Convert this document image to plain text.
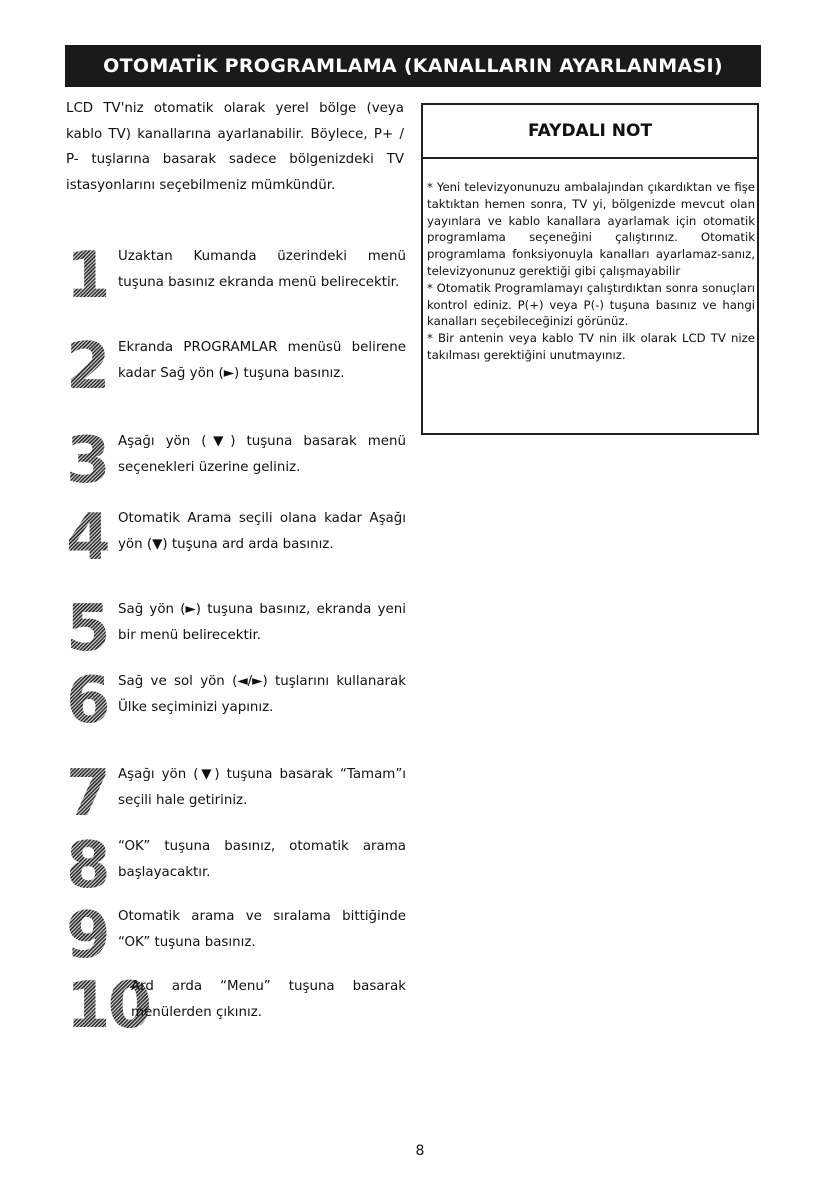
OTOMATİK PROGRAMLAMA (KANALLARIN AYARLANMASI)
LCD TV'niz otomatik olarak yerel bölge (veya kablo TV) kanallarına ayarlanabilir. Böylece, P+ / P- tuşlarına basarak sadece bölgenizdeki TV istasyonlarını seçebilmeniz mümkündür.
1 Uzaktan Kumanda üzerindeki menü tuşuna basınız ekranda menü belirecektir.
2 Ekranda PROGRAMLAR menüsü belirene kadar Sağ yön (►) tuşuna basınız.
3 Aşağı yön (▼) tuşuna basarak menü seçenekleri üzerine geliniz.
4 Otomatik Arama seçili olana kadar Aşağı yön (▼) tuşuna ard arda basınız.
5 Sağ yön (►) tuşuna basınız, ekranda yeni bir menü belirecektir.
6 Sağ ve sol yön (◄/►) tuşlarını kullanarak Ülke seçiminizi yapınız.
7 Aşağı yön (▼) tuşuna basarak “Tamam”ı seçili hale getiriniz.
8 “OK” tuşuna basınız, otomatik arama başlayacaktır.
9 Otomatik arama ve sıralama bittiğinde “OK” tuşuna basınız.
10
Ard arda “Menu” tuşuna basarak menülerden çıkınız.
FAYDALI NOT

* Yeni televizyonunuzu ambalajından çıkardıktan ve fişe taktıktan hemen sonra, TV yi, bölgenizde mevcut olan yayınlara ve kablo kanallara ayarlamak için otomatik programlama seçeneğini çalıştırınız. Otomatik programlama fonksiyonuyla kanalları ayarlamaz-sanız, televizyonunuz gerektiği gibi çalışmayabilir

* Otomatik Programlamayı çalıştırdıktan sonra sonuçları kontrol ediniz. P(+) veya P(-) tuşuna basınız ve hangi kanalları seçebileceğinizi görünüz.

* Bir antenin veya kablo TV nin ilk olarak LCD TV nize takılması gerektiğini unutmayınız.

8
